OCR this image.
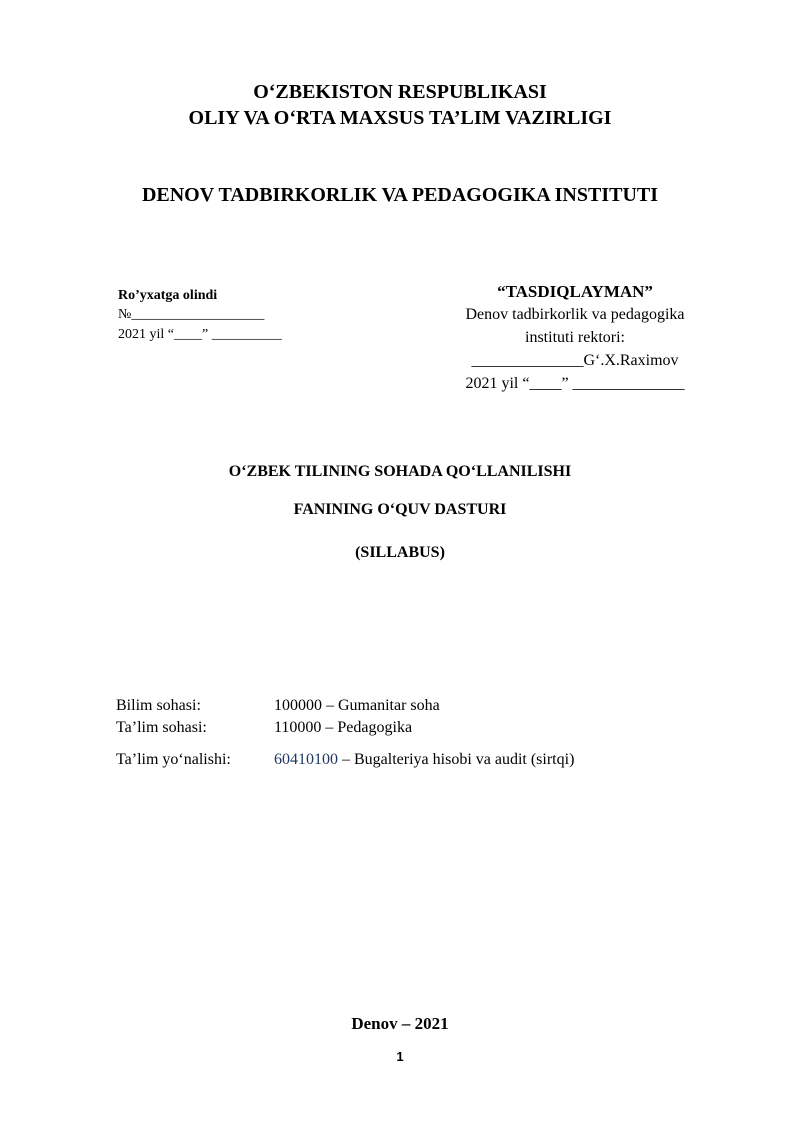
O‘ZBEKISTON RESPUBLIKASI
OLIY VA O‘RTA MAXSUS TA’LIM VAZIRLIGI
DENOV TADBIRKORLIK VA PEDAGOGIKA INSTITUTI
Ro’yxatga olindi
№___________________
2021 yil “____” __________
“TASDIQLAYMAN”
Denov tadbirkorlik va pedagogika
instituti rektori:
______________G‘.X.Raximov
2021 yil “____” ______________
O‘ZBEK TILINING SOHADA QO‘LLANILISHI
FANINING O‘QUV DASTURI
(SILLABUS)
Bilim sohasi:	100000 – Gumanitar soha
Ta’lim sohasi:	110000 – Pedagogika
Ta’lim yo‘nalishi:	60410100 – Bugalteriya hisobi va audit (sirtqi)
Denov – 2021
1
